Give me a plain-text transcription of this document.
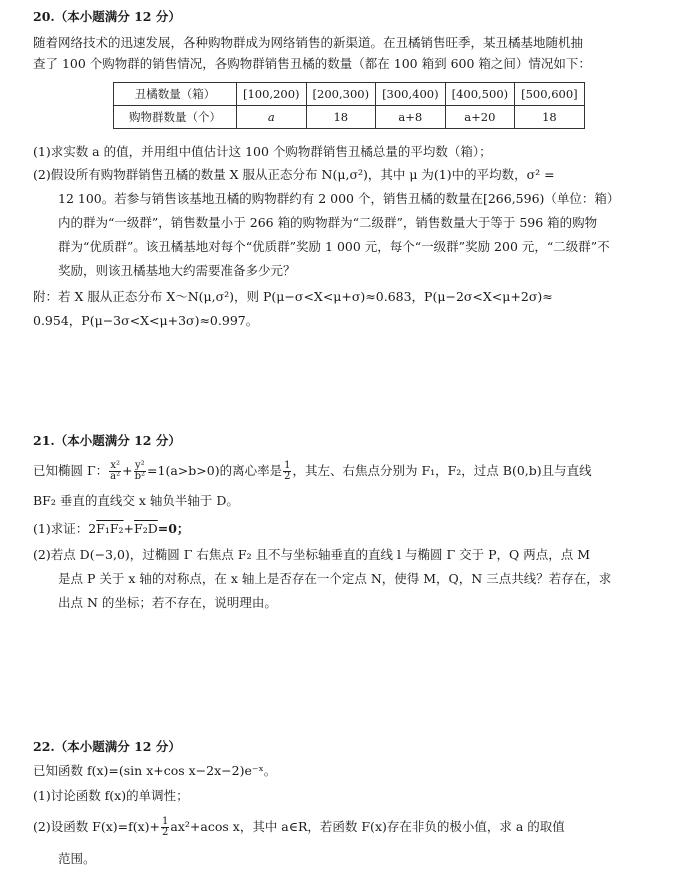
20.（本小题满分 12 分）
随着网络技术的迅速发展，各种购物群成为网络销售的新渠道。在丑橘销售旺季，某丑橘基地随机抽
查了 100 个购物群的销售情况，各购物群销售丑橘的数量（都在 100 箱到 600 箱之间）情况如下：
丑橘数量（箱）	[100,200)	[200,300)	[300,400)	[400,500)	[500,600]
购物群数量（个）	a	18	a+8	a+20	18
(1)求实数 a 的值，并用组中值估计这 100 个购物群销售丑橘总量的平均数（箱）；
(2)假设所有购物群销售丑橘的数量 X 服从正态分布 N(μ,σ²)，其中 μ 为(1)中的平均数，σ² =
12 100。若参与销售该基地丑橘的购物群约有 2 000 个，销售丑橘的数量在[266,596)（单位：箱）
内的群为“一级群”，销售数量小于 266 箱的购物群为“二级群”，销售数量大于等于 596 箱的购物
群为“优质群”。该丑橘基地对每个“优质群”奖励 1 000 元，每个“一级群”奖励 200 元，“二级群”不
奖励，则该丑橘基地大约需要准备多少元？
附：若 X 服从正态分布 X～N(μ,σ²)，则 P(μ−σ<X<μ+σ)≈0.683，P(μ−2σ<X<μ+2σ)≈
0.954，P(μ−3σ<X<μ+3σ)≈0.997。
21.（本小题满分 12 分）
已知椭圆 Γ： $\frac{\text{x²}}{\text{a²}} + \frac{\text{y²}}{\text{b²}} =1(a>b>0)$的离心率是 $\frac{1}{2}$ ，其左、右焦点分别为 F₁，F₂，过点 B(0,b)且与直线
BF₂ 垂直的直线交 x 轴负半轴于 D。
(1)求证：2F₁F₂+F₂D=0；
(2)若点 D(−3,0)，过椭圆 Γ 右焦点 F₂ 且不与坐标轴垂直的直线 l 与椭圆 Γ 交于 P，Q 两点，点 M
是点 P 关于 x 轴的对称点，在 x 轴上是否存在一个定点 N，使得 M，Q，N 三点共线？若存在，求
出点 N 的坐标；若不存在，说明理由。
22.（本小题满分 12 分）
已知函数 f(x)=(sin x+cos x−2x−2)e⁻ˣ。
(1)讨论函数 f(x)的单调性；
(2)设函数 $F(x)=f(x)+ \frac{1}{2} ax^2+acos$ x，其中 a∈R，若函数 F(x)存在非负的极小值，求 a 的取值
范围。
